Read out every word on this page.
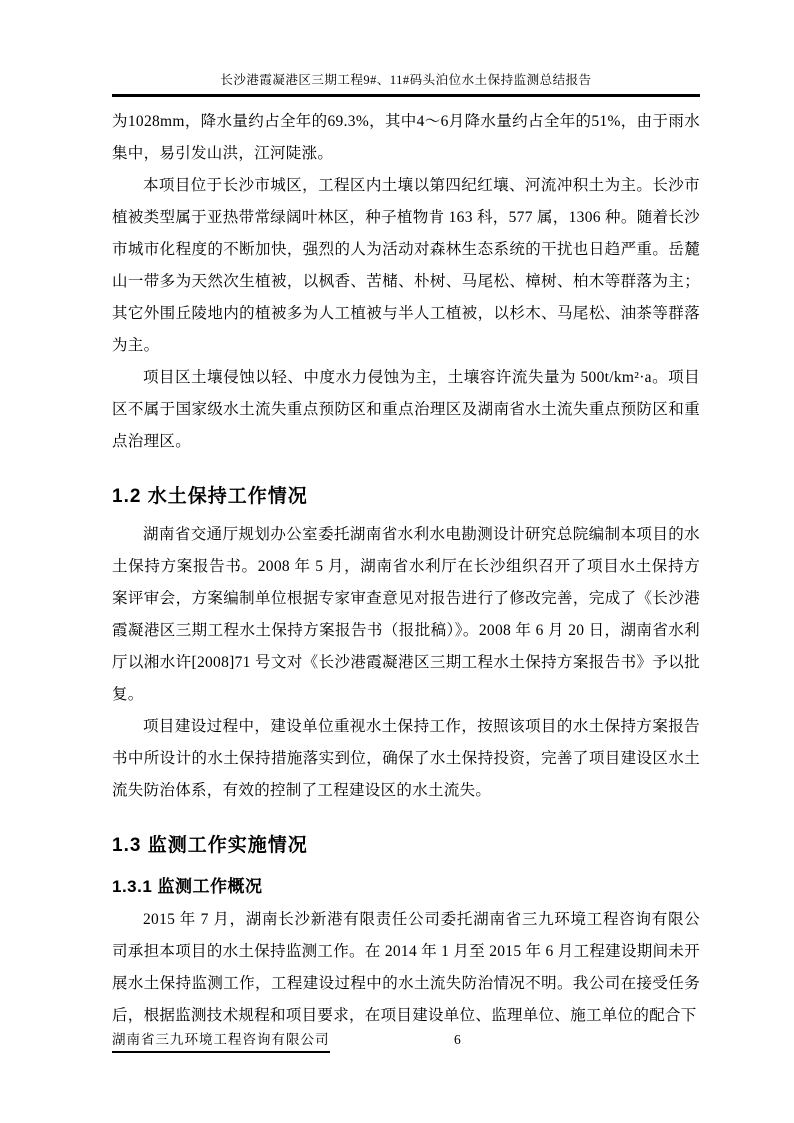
长沙港霞凝港区三期工程9#、11#码头泊位水土保持监测总结报告

为1028mm，降水量约占全年的69.3%，其中4～6月降水量约占全年的51%，由于雨水集中，易引发山洪，江河陡涨。

本项目位于长沙市城区，工程区内土壤以第四纪红壤、河流冲积土为主。长沙市植被类型属于亚热带常绿阔叶林区，种子植物肯 163 科，577 属，1306 种。随着长沙市城市化程度的不断加快，强烈的人为活动对森林生态系统的干扰也日趋严重。岳麓山一带多为天然次生植被，以枫香、苦槠、朴树、马尾松、樟树、柏木等群落为主；其它外围丘陵地内的植被多为人工植被与半人工植被，以杉木、马尾松、油茶等群落为主。

项目区土壤侵蚀以轻、中度水力侵蚀为主，土壤容许流失量为 500t/km²·a。项目区不属于国家级水土流失重点预防区和重点治理区及湖南省水土流失重点预防区和重点治理区。

1.2 水土保持工作情况

湖南省交通厅规划办公室委托湖南省水利水电勘测设计研究总院编制本项目的水土保持方案报告书。2008 年 5 月，湖南省水利厅在长沙组织召开了项目水土保持方案评审会，方案编制单位根据专家审查意见对报告进行了修改完善，完成了《长沙港霞凝港区三期工程水土保持方案报告书（报批稿）》。2008 年 6 月 20 日，湖南省水利厅以湘水许[2008]71 号文对《长沙港霞凝港区三期工程水土保持方案报告书》予以批复。

项目建设过程中，建设单位重视水土保持工作，按照该项目的水土保持方案报告书中所设计的水土保持措施落实到位，确保了水土保持投资，完善了项目建设区水土流失防治体系，有效的控制了工程建设区的水土流失。

1.3 监测工作实施情况
1.3.1 监测工作概况

2015 年 7 月，湖南长沙新港有限责任公司委托湖南省三九环境工程咨询有限公司承担本项目的水土保持监测工作。在 2014 年 1 月至 2015 年 6 月工程建设期间未开展水土保持监测工作，工程建设过程中的水土流失防治情况不明。我公司在接受任务后，根据监测技术规程和项目要求，在项目建设单位、监理单位、施工单位的配合下

湖南省三九环境工程咨询有限公司	6
